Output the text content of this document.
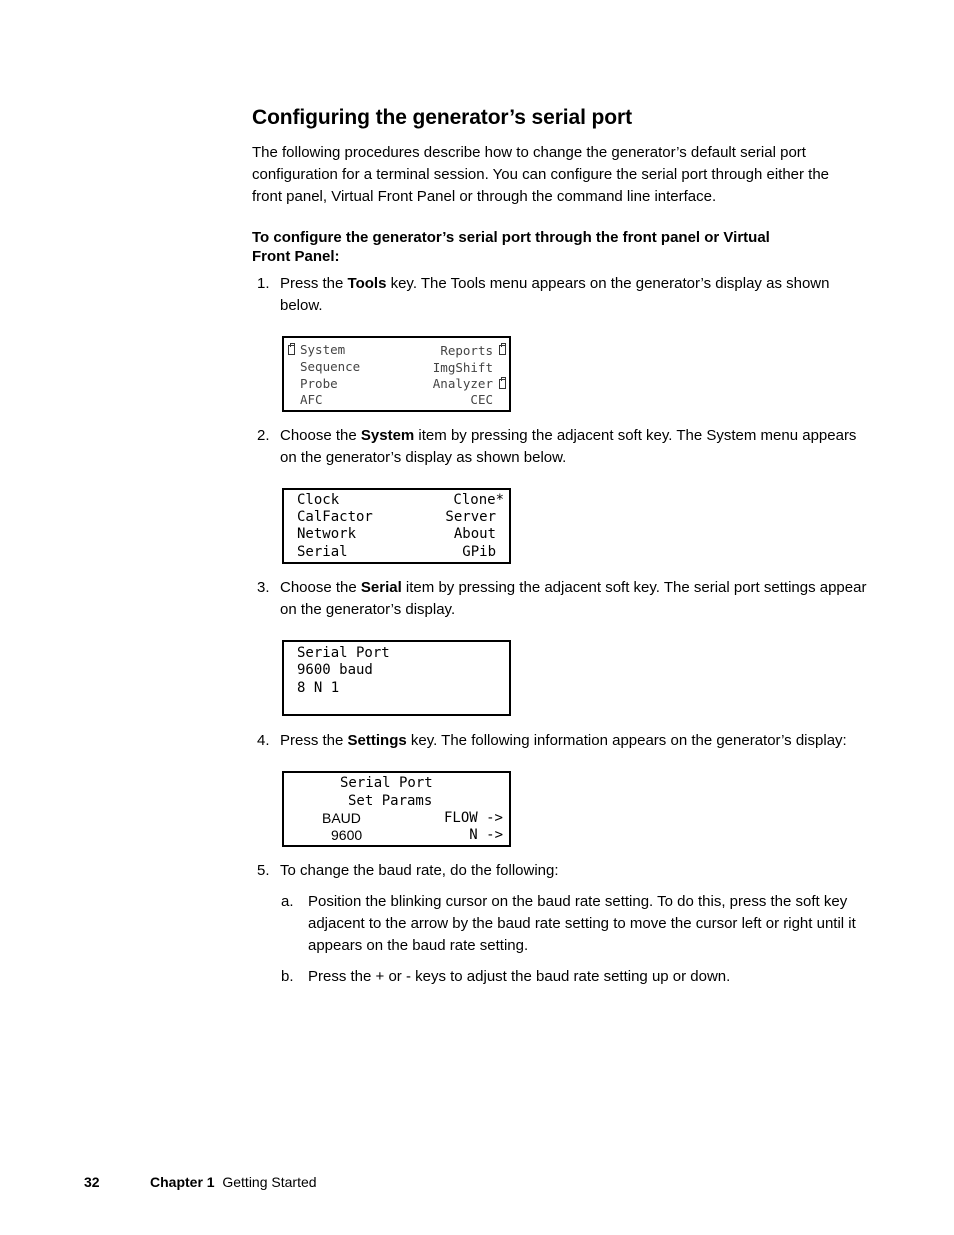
Configuring the generator’s serial port

The following procedures describe how to change the generator’s default serial port configuration for a terminal session. You can configure the serial port through either the front panel, Virtual Front Panel or through the command line interface.

To configure the generator’s serial port through the front panel or Virtual
Front Panel:
1. Press the Tools key. The Tools menu appears on the generator’s display as shown below.

System
Sequence
Probe
AFC
Reports
ImgShift
Analyzer
CEC
2. Choose the System item by pressing the adjacent soft key. The System menu appears on the generator’s display as shown below.

Clock
CalFactor
Network
Serial
Clone*
Server
About
GPib
3. Choose the Serial item by pressing the adjacent soft key. The serial port settings appear on the generator’s display.

Serial Port
9600 baud
8 N 1
4. Press the Settings key. The following information appears on the generator’s display:

Serial Port
Set Params
BAUD
9600
FLOW ->
N ->
5. To change the baud rate, do the following:

a. Position the blinking cursor on the baud rate setting. To do this, press the soft key adjacent to the arrow by the baud rate setting to move the cursor left or right until it appears on the baud rate setting.

b. Press the + or - keys to adjust the baud rate setting up or down.

32	Chapter 1 Getting Started
